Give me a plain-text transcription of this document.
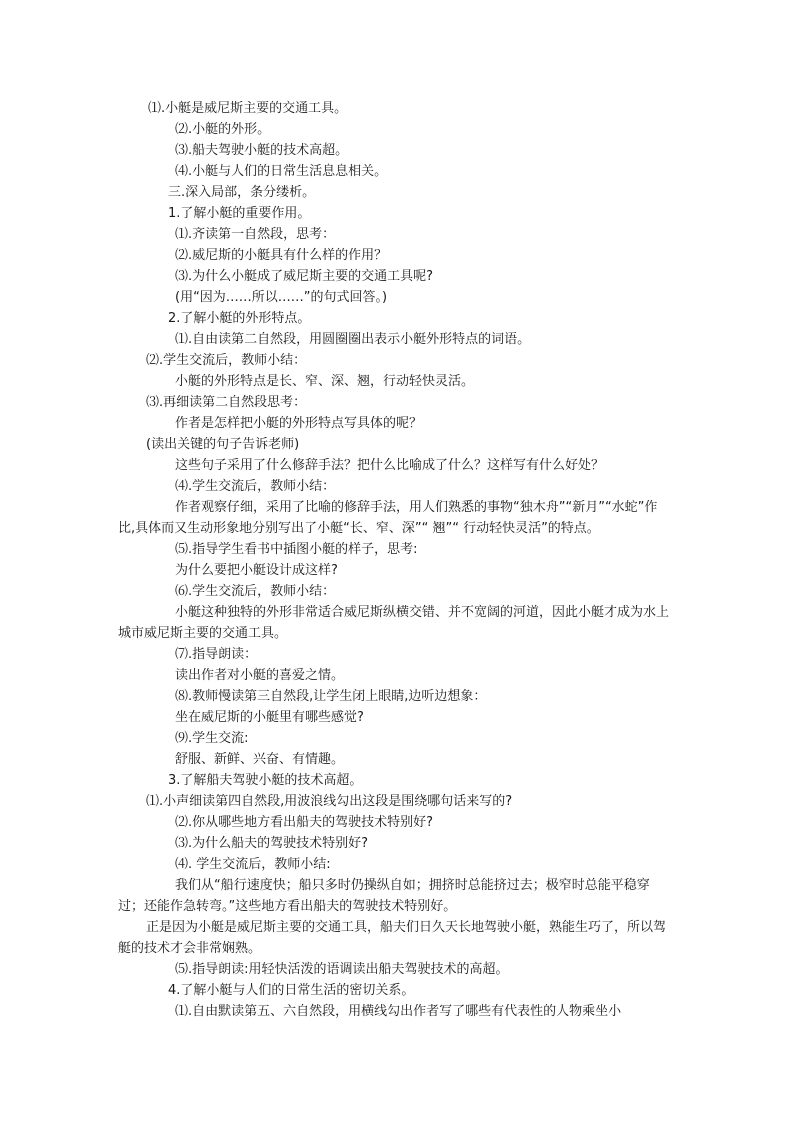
⑴.小艇是威尼斯主要的交通工具。
⑵.小艇的外形。
⑶.船夫驾驶小艇的技术高超。
⑷.小艇与人们的日常生活息息相关。
三.深入局部，条分缕析。
1.了解小艇的重要作用。
⑴.齐读第一自然段，思考：
⑵.威尼斯的小艇具有什么样的作用？
⑶.为什么小艇成了威尼斯主要的交通工具呢?
(用“因为……所以……”的句式回答。)
2.了解小艇的外形特点。
⑴.自由读第二自然段，用圆圈圈出表示小艇外形特点的词语。
⑵.学生交流后，教师小结：
小艇的外形特点是长、窄、深、翘，行动轻快灵活。
⑶.再细读第二自然段思考：
作者是怎样把小艇的外形特点写具体的呢？
(读出关键的句子告诉老师)
这些句子采用了什么修辞手法？把什么比喻成了什么？这样写有什么好处？
⑷.学生交流后，教师小结：
作者观察仔细，采用了比喻的修辞手法，用人们熟悉的事物“独木舟”“新月”“水蛇”作比,具体而又生动形象地分别写出了小艇“长、窄、深”“ 翘”“ 行动轻快灵活”的特点。
⑸.指导学生看书中插图小艇的样子，思考:
为什么要把小艇设计成这样?
⑹.学生交流后，教师小结：
小艇这种独特的外形非常适合威尼斯纵横交错、并不宽阔的河道，因此小艇才成为水上城市威尼斯主要的交通工具。
⑺.指导朗读：
读出作者对小艇的喜爱之情。
⑻.教师慢读第三自然段,让学生闭上眼睛,边听边想象：
坐在威尼斯的小艇里有哪些感觉?
⑼.学生交流:
舒服、新鲜、兴奋、有情趣。
3.了解船夫驾驶小艇的技术高超。
⑴.小声细读第四自然段,用波浪线勾出这段是围绕哪句话来写的?
⑵.你从哪些地方看出船夫的驾驶技术特别好?
⑶.为什么船夫的驾驶技术特别好?
⑷. 学生交流后，教师小结:
我们从“船行速度快；船只多时仍操纵自如；拥挤时总能挤过去；极窄时总能平稳穿过；还能作急转弯。”这些地方看出船夫的驾驶技术特别好。
正是因为小艇是威尼斯主要的交通工具，船夫们日久天长地驾驶小艇，熟能生巧了，所以驾艇的技术才会非常娴熟。
⑸.指导朗读:用轻快活泼的语调读出船夫驾驶技术的高超。
4.了解小艇与人们的日常生活的密切关系。
⑴.自由默读第五、六自然段，用横线勾出作者写了哪些有代表性的人物乘坐小
